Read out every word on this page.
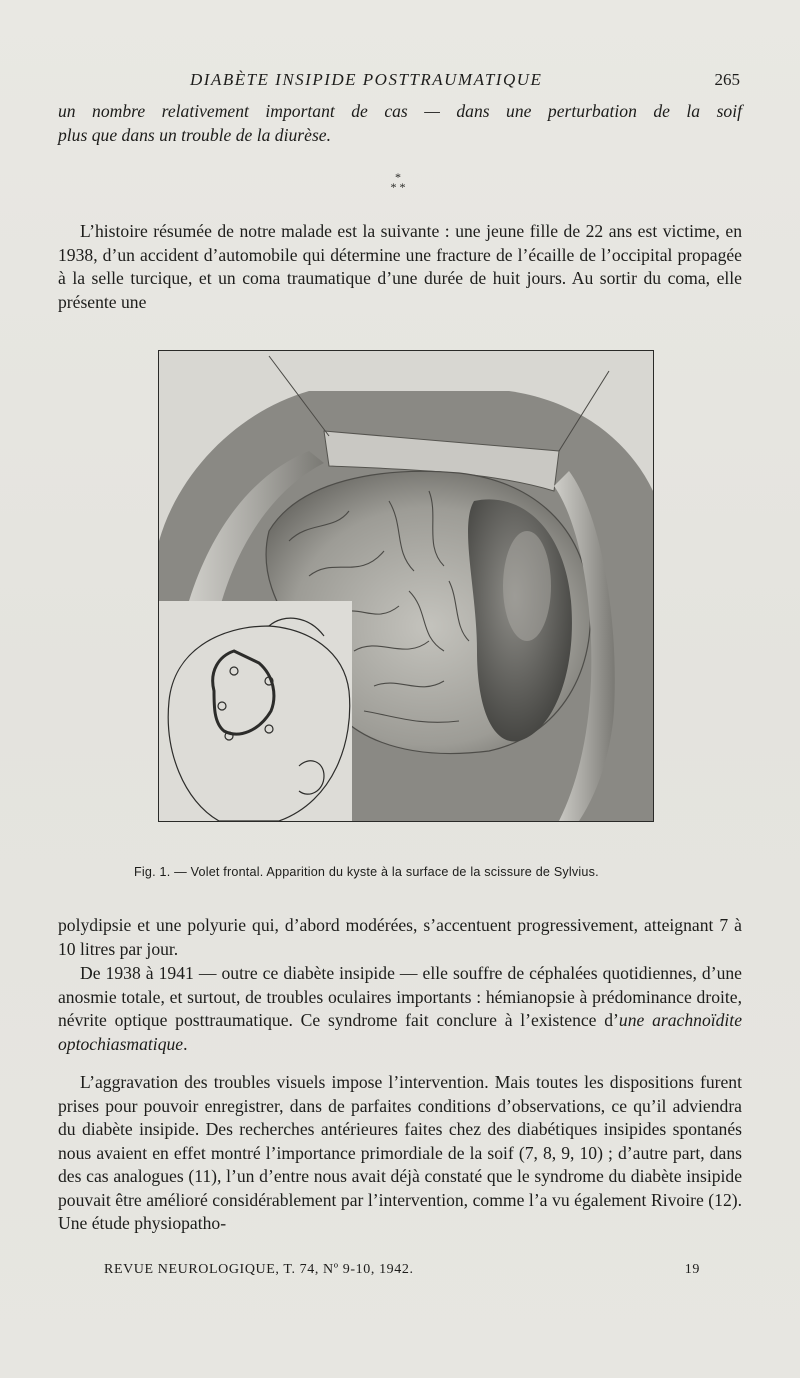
DIABÈTE INSIPIDE POSTTRAUMATIQUE	265
un nombre relativement important de cas — dans une perturbation de la soif
plus que dans un trouble de la diurèse.
*
* *
L’histoire résumée de notre malade est la suivante : une jeune fille de 22 ans est victime, en 1938, d’un accident d’automobile qui détermine une fracture de l’écaille de l’occipital propagée à la selle turcique, et un coma traumatique d’une durée de huit jours. Au sortir du coma, elle présente une
Fig. 1. — Volet frontal. Apparition du kyste à la surface de la scissure de Sylvius.
polydipsie et une polyurie qui, d’abord modérées, s’accentuent progressivement, atteignant 7 à 10 litres par jour.
De 1938 à 1941 — outre ce diabète insipide — elle souffre de céphalées quotidiennes, d’une anosmie totale, et surtout, de troubles oculaires importants : hémianopsie à prédominance droite, névrite optique posttraumatique. Ce syndrome fait conclure à l’existence d’une arachnoïdite optochiasmatique.
L’aggravation des troubles visuels impose l’intervention. Mais toutes les dispositions furent prises pour pouvoir enregistrer, dans de parfaites conditions d’observations, ce qu’il adviendra du diabète insipide. Des recherches antérieures faites chez des diabétiques insipides spontanés nous avaient en effet montré l’importance primordiale de la soif (7, 8, 9, 10) ; d’autre part, dans des cas analogues (11), l’un d’entre nous avait déjà constaté que le syndrome du diabète insipide pouvait être amélioré considérablement par l’intervention, comme l’a vu également Rivoire (12). Une étude physiopatho-
REVUE NEUROLOGIQUE, T. 74, Nº 9-10, 1942.	19
